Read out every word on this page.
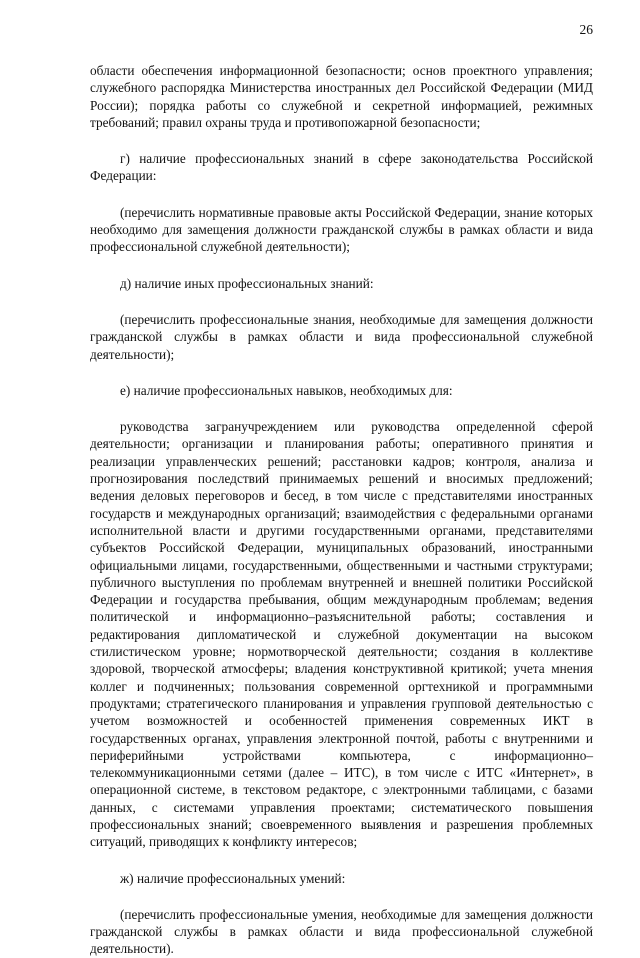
26

области обеспечения информационной безопасности; основ проектного управления; служебного распорядка Министерства иностранных дел Российской Федерации (МИД России); порядка работы со служебной и секретной информацией, режимных требований; правил охраны труда и противопожарной безопасности;

г) наличие профессиональных знаний в сфере законодательства Российской Федерации:

(перечислить нормативные правовые акты Российской Федерации, знание которых необходимо для замещения должности гражданской службы в рамках области и вида профессиональной служебной деятельности);

д) наличие иных профессиональных знаний:

(перечислить профессиональные знания, необходимые для замещения должности гражданской службы в рамках области и вида профессиональной служебной деятельности);

е) наличие профессиональных навыков, необходимых для:

руководства загранучреждением или руководства определенной сферой деятельности; организации и планирования работы; оперативного принятия и реализации управленческих решений; расстановки кадров; контроля, анализа и прогнозирования последствий принимаемых решений и вносимых предложений; ведения деловых переговоров и бесед, в том числе с представителями иностранных государств и международных организаций; взаимодействия с федеральными органами исполнительной власти и другими государственными органами, представителями субъектов Российской Федерации, муниципальных образований, иностранными официальными лицами, государственными, общественными и частными структурами; публичного выступления по проблемам внутренней и внешней политики Российской Федерации и государства пребывания, общим международным проблемам; ведения политической и информационно–разъяснительной работы; составления и редактирования дипломатической и служебной документации на высоком стилистическом уровне; нормотворческой деятельности; создания в коллективе здоровой, творческой атмосферы; владения конструктивной критикой; учета мнения коллег и подчиненных; пользования современной оргтехникой и программными продуктами; стратегического планирования и управления групповой деятельностью с учетом возможностей и особенностей применения современных ИКТ в государственных органах, управления электронной почтой, работы с внутренними и периферийными устройствами компьютера, с информационно–телекоммуникационными сетями (далее – ИТС), в том числе с ИТС «Интернет», в операционной системе, в текстовом редакторе, с электронными таблицами, с базами данных, с системами управления проектами; систематического повышения профессиональных знаний; своевременного выявления и разрешения проблемных ситуаций, приводящих к конфликту интересов;

ж) наличие профессиональных умений:

(перечислить профессиональные умения, необходимые для замещения должности гражданской службы в рамках области и вида профессиональной служебной деятельности).
